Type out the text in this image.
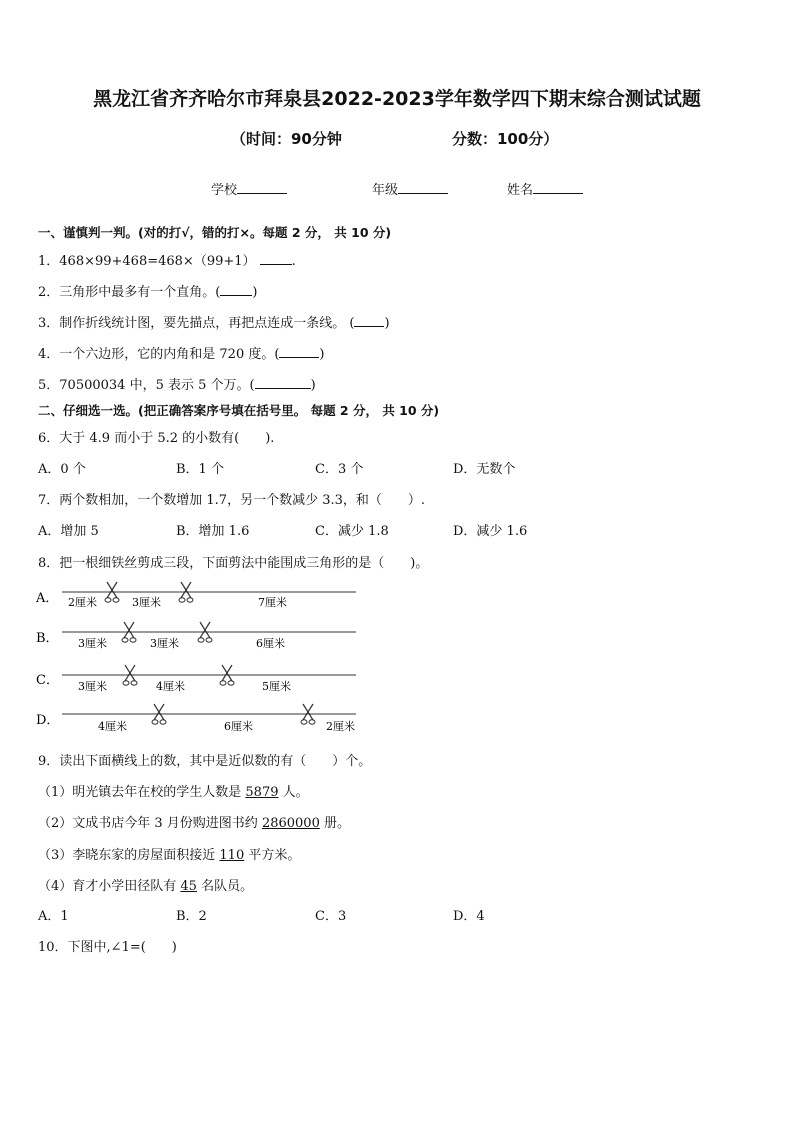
黑龙江省齐齐哈尔市拜泉县2022-2023学年数学四下期末综合测试试题
（时间：90分钟	分数：100分）
学校	年级	姓名
一、谨慎判一判。(对的打√，错的打×。每题 2 分， 共 10 分)
1．468×99+468=468×（99+1）	.
2．三角形中最多有一个直角。( )
3．制作折线统计图，要先描点，再把点连成一条线。 ( )
4．一个六边形，它的内角和是 720 度。(	)
5．70500034 中，5 表示 5 个万。(	)
二、仔细选一选。(把正确答案序号填在括号里。 每题 2 分， 共 10 分)
6．大于 4.9 而小于 5.2 的小数有(　　).
A．0 个	B．1 个	C．3 个	D．无数个
7．两个数相加，一个数增加 1.7，另一个数减少 3.3，和（　　）.
A．增加 5	B．增加 1.6	C．减少 1.8	D．减少 1.6
8．把一根细铁丝剪成三段，下面剪法中能围成三角形的是（　　)。
A． 2厘米	3厘米	7厘米
B． 3厘米	3厘米	6厘米
C． 3厘米	4厘米	5厘米
D．	4厘米	6厘米	2厘米
9．读出下面横线上的数，其中是近似数的有（　　）个。
（1）明光镇去年在校的学生人数是 5879 人。
（2）文成书店今年 3 月份购进图书约 2860000 册。
（3）李晓东家的房屋面积接近 110 平方米。
（4）育才小学田径队有 45 名队员。
A．1	B．2	C．3	D．4
10．下图中,∠1=(　　)
